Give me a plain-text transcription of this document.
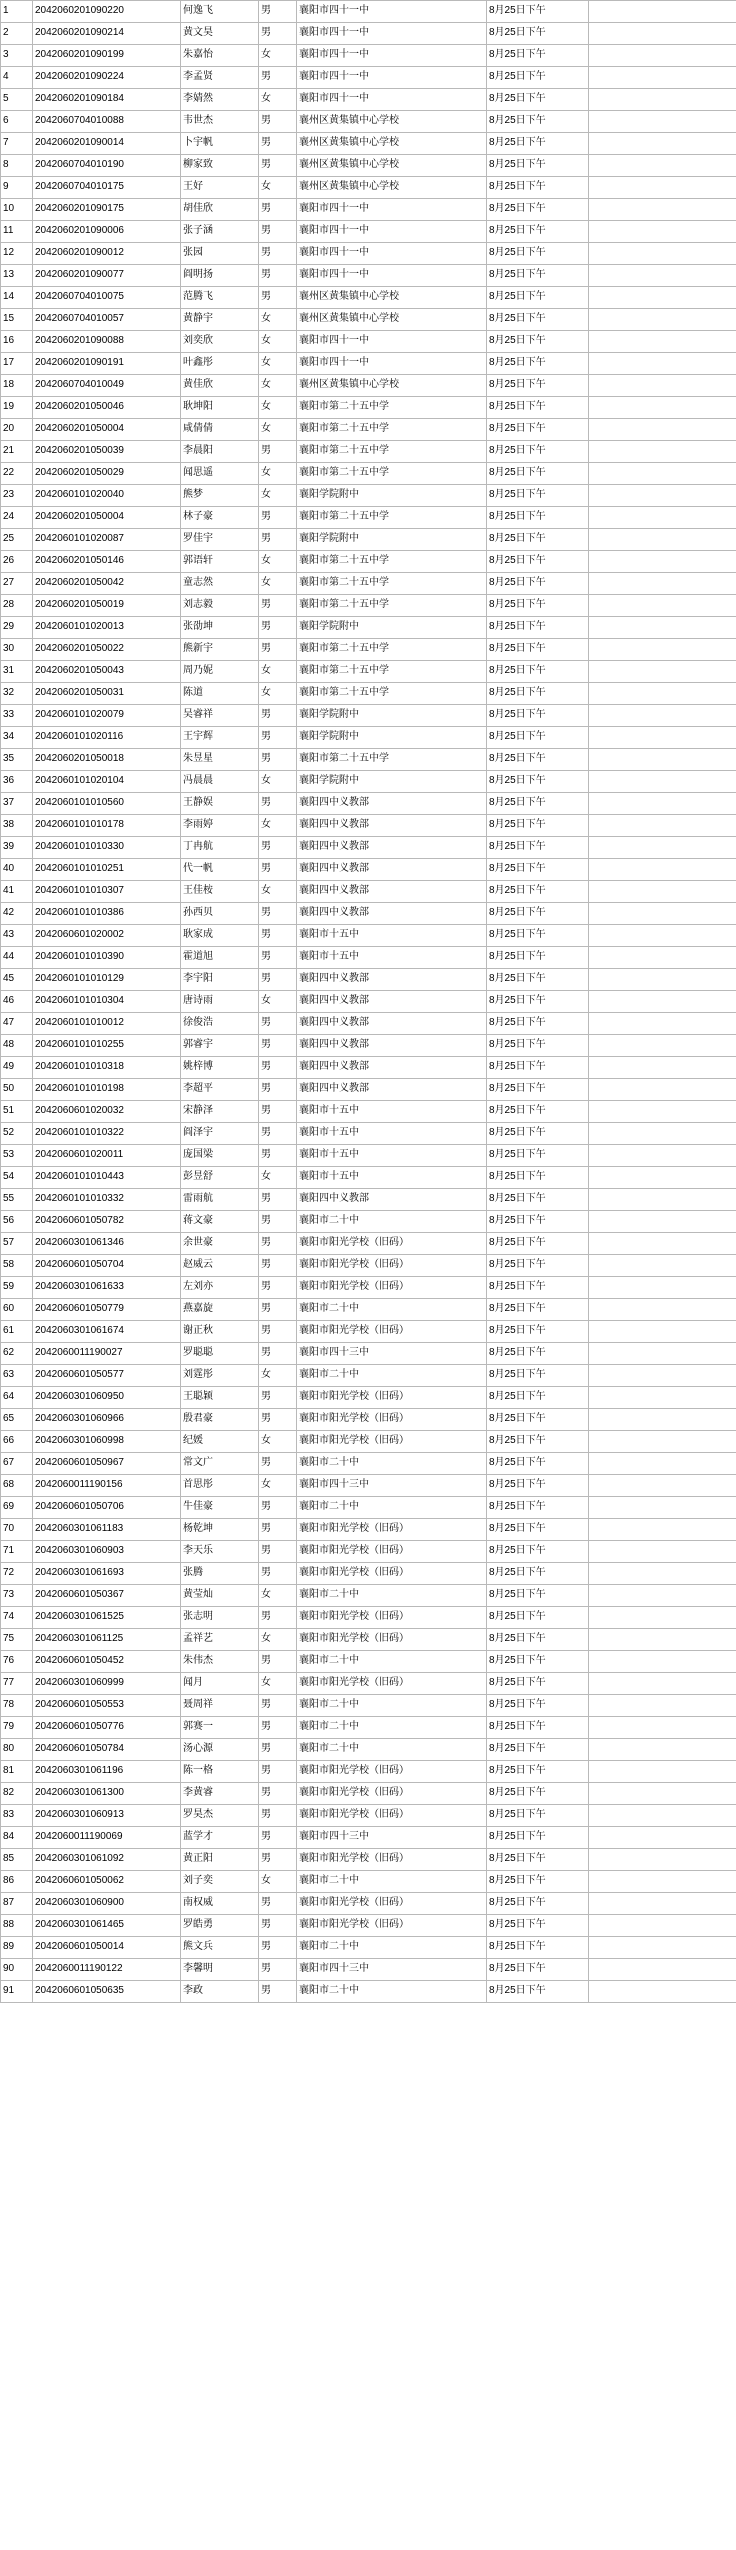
1	2042060201090220	何逸飞	男	襄阳市四十一中	8月25日下午	
2	2042060201090214	黄文昊	男	襄阳市四十一中	8月25日下午	
3	2042060201090199	朱嘉怡	女	襄阳市四十一中	8月25日下午	
4	2042060201090224	李孟贤	男	襄阳市四十一中	8月25日下午	
5	2042060201090184	李婧然	女	襄阳市四十一中	8月25日下午	
6	2042060704010088	韦世杰	男	襄州区黄集镇中心学校	8月25日下午	
7	2042060201090014	卜宇帆	男	襄州区黄集镇中心学校	8月25日下午	
8	2042060704010190	柳家致	男	襄州区黄集镇中心学校	8月25日下午	
9	2042060704010175	王好	女	襄州区黄集镇中心学校	8月25日下午	
10	2042060201090175	胡佳欣	男	襄阳市四十一中	8月25日下午	
11	2042060201090006	张子涵	男	襄阳市四十一中	8月25日下午	
12	2042060201090012	张园	男	襄阳市四十一中	8月25日下午	
13	2042060201090077	阎明扬	男	襄阳市四十一中	8月25日下午	
14	2042060704010075	范腾飞	男	襄州区黄集镇中心学校	8月25日下午	
15	2042060704010057	黄静宇	女	襄州区黄集镇中心学校	8月25日下午	
16	2042060201090088	刘奕欣	女	襄阳市四十一中	8月25日下午	
17	2042060201090191	叶鑫彤	女	襄阳市四十一中	8月25日下午	
18	2042060704010049	黄佳欣	女	襄州区黄集镇中心学校	8月25日下午	
19	2042060201050046	耿坤阳	女	襄阳市第二十五中学	8月25日下午	
20	2042060201050004	咸倩倩	女	襄阳市第二十五中学	8月25日下午	
21	2042060201050039	李晨阳	男	襄阳市第二十五中学	8月25日下午	
22	2042060201050029	闻思遥	女	襄阳市第二十五中学	8月25日下午	
23	2042060101020040	熊梦	女	襄阳学院附中	8月25日下午	
24	2042060201050004	林子豪	男	襄阳市第二十五中学	8月25日下午	
25	2042060101020087	罗佳宇	男	襄阳学院附中	8月25日下午	
26	2042060201050146	郭语轩	女	襄阳市第二十五中学	8月25日下午	
27	2042060201050042	童志然	女	襄阳市第二十五中学	8月25日下午	
28	2042060201050019	刘志毅	男	襄阳市第二十五中学	8月25日下午	
29	2042060101020013	张劭坤	男	襄阳学院附中	8月25日下午	
30	2042060201050022	熊新宇	男	襄阳市第二十五中学	8月25日下午	
31	2042060201050043	周乃妮	女	襄阳市第二十五中学	8月25日下午	
32	2042060201050031	陈道	女	襄阳市第二十五中学	8月25日下午	
33	2042060101020079	吴睿祥	男	襄阳学院附中	8月25日下午	
34	2042060101020116	王宇辉	男	襄阳学院附中	8月25日下午	
35	2042060201050018	朱昱星	男	襄阳市第二十五中学	8月25日下午	
36	2042060101020104	冯晨晨	女	襄阳学院附中	8月25日下午	
37	2042060101010560	王静娱	男	襄阳四中义教部	8月25日下午	
38	2042060101010178	李雨婷	女	襄阳四中义教部	8月25日下午	
39	2042060101010330	丁冉航	男	襄阳四中义教部	8月25日下午	
40	2042060101010251	代一帆	男	襄阳四中义教部	8月25日下午	
41	2042060101010307	王佳桉	女	襄阳四中义教部	8月25日下午	
42	2042060101010386	孙西贝	男	襄阳四中义教部	8月25日下午	
43	2042060601020002	耿家成	男	襄阳市十五中	8月25日下午	
44	2042060101010390	霍道旭	男	襄阳市十五中	8月25日下午	
45	2042060101010129	李宇阳	男	襄阳四中义教部	8月25日下午	
46	2042060101010304	唐诗雨	女	襄阳四中义教部	8月25日下午	
47	2042060101010012	徐俊浩	男	襄阳四中义教部	8月25日下午	
48	2042060101010255	郭睿宇	男	襄阳四中义教部	8月25日下午	
49	2042060101010318	姚梓博	男	襄阳四中义教部	8月25日下午	
50	2042060101010198	李超平	男	襄阳四中义教部	8月25日下午	
51	2042060601020032	宋静泽	男	襄阳市十五中	8月25日下午	
52	2042060101010322	阎泽宇	男	襄阳市十五中	8月25日下午	
53	2042060601020011	庞国梁	男	襄阳市十五中	8月25日下午	
54	2042060101010443	彭昱舒	女	襄阳市十五中	8月25日下午	
55	2042060101010332	雷雨航	男	襄阳四中义教部	8月25日下午	
56	2042060601050782	蒋文豪	男	襄阳市二十中	8月25日下午	
57	2042060301061346	余世豪	男	襄阳市阳光学校（旧码）	8月25日下午	
58	2042060601050704	赵威云	男	襄阳市阳光学校（旧码）	8月25日下午	
59	2042060301061633	左刘亦	男	襄阳市阳光学校（旧码）	8月25日下午	
60	2042060601050779	燕嘉旋	男	襄阳市二十中	8月25日下午	
61	2042060301061674	谢正秋	男	襄阳市阳光学校（旧码）	8月25日下午	
62	2042060011190027	罗聪聪	男	襄阳市四十三中	8月25日下午	
63	2042060601050577	刘霆彤	女	襄阳市二十中	8月25日下午	
64	2042060301060950	王聪颖	男	襄阳市阳光学校（旧码）	8月25日下午	
65	2042060301060966	殷君豪	男	襄阳市阳光学校（旧码）	8月25日下午	
66	2042060301060998	纪媛	女	襄阳市阳光学校（旧码）	8月25日下午	
67	2042060601050967	常文广	男	襄阳市二十中	8月25日下午	
68	2042060011190156	首思彤	女	襄阳市四十三中	8月25日下午	
69	2042060601050706	牛佳豪	男	襄阳市二十中	8月25日下午	
70	2042060301061183	杨乾坤	男	襄阳市阳光学校（旧码）	8月25日下午	
71	2042060301060903	李天乐	男	襄阳市阳光学校（旧码）	8月25日下午	
72	2042060301061693	张腾	男	襄阳市阳光学校（旧码）	8月25日下午	
73	2042060601050367	黄莹灿	女	襄阳市二十中	8月25日下午	
74	2042060301061525	张志明	男	襄阳市阳光学校（旧码）	8月25日下午	
75	2042060301061125	孟祥艺	女	襄阳市阳光学校（旧码）	8月25日下午	
76	2042060601050452	朱伟杰	男	襄阳市二十中	8月25日下午	
77	2042060301060999	闻月	女	襄阳市阳光学校（旧码）	8月25日下午	
78	2042060601050553	聂周祥	男	襄阳市二十中	8月25日下午	
79	2042060601050776	郭赛一	男	襄阳市二十中	8月25日下午	
80	2042060601050784	汤心源	男	襄阳市二十中	8月25日下午	
81	2042060301061196	陈一格	男	襄阳市阳光学校（旧码）	8月25日下午	
82	2042060301061300	李黄睿	男	襄阳市阳光学校（旧码）	8月25日下午	
83	2042060301060913	罗昊杰	男	襄阳市阳光学校（旧码）	8月25日下午	
84	2042060011190069	蓝学才	男	襄阳市四十三中	8月25日下午	
85	2042060301061092	黄正阳	男	襄阳市阳光学校（旧码）	8月25日下午	
86	2042060601050062	刘子奕	女	襄阳市二十中	8月25日下午	
87	2042060301060900	南权威	男	襄阳市阳光学校（旧码）	8月25日下午	
88	2042060301061465	罗皓勇	男	襄阳市阳光学校（旧码）	8月25日下午	
89	2042060601050014	熊文兵	男	襄阳市二十中	8月25日下午	
90	2042060011190122	李馨明	男	襄阳市四十三中	8月25日下午	
91	2042060601050635	李政	男	襄阳市二十中	8月25日下午	
